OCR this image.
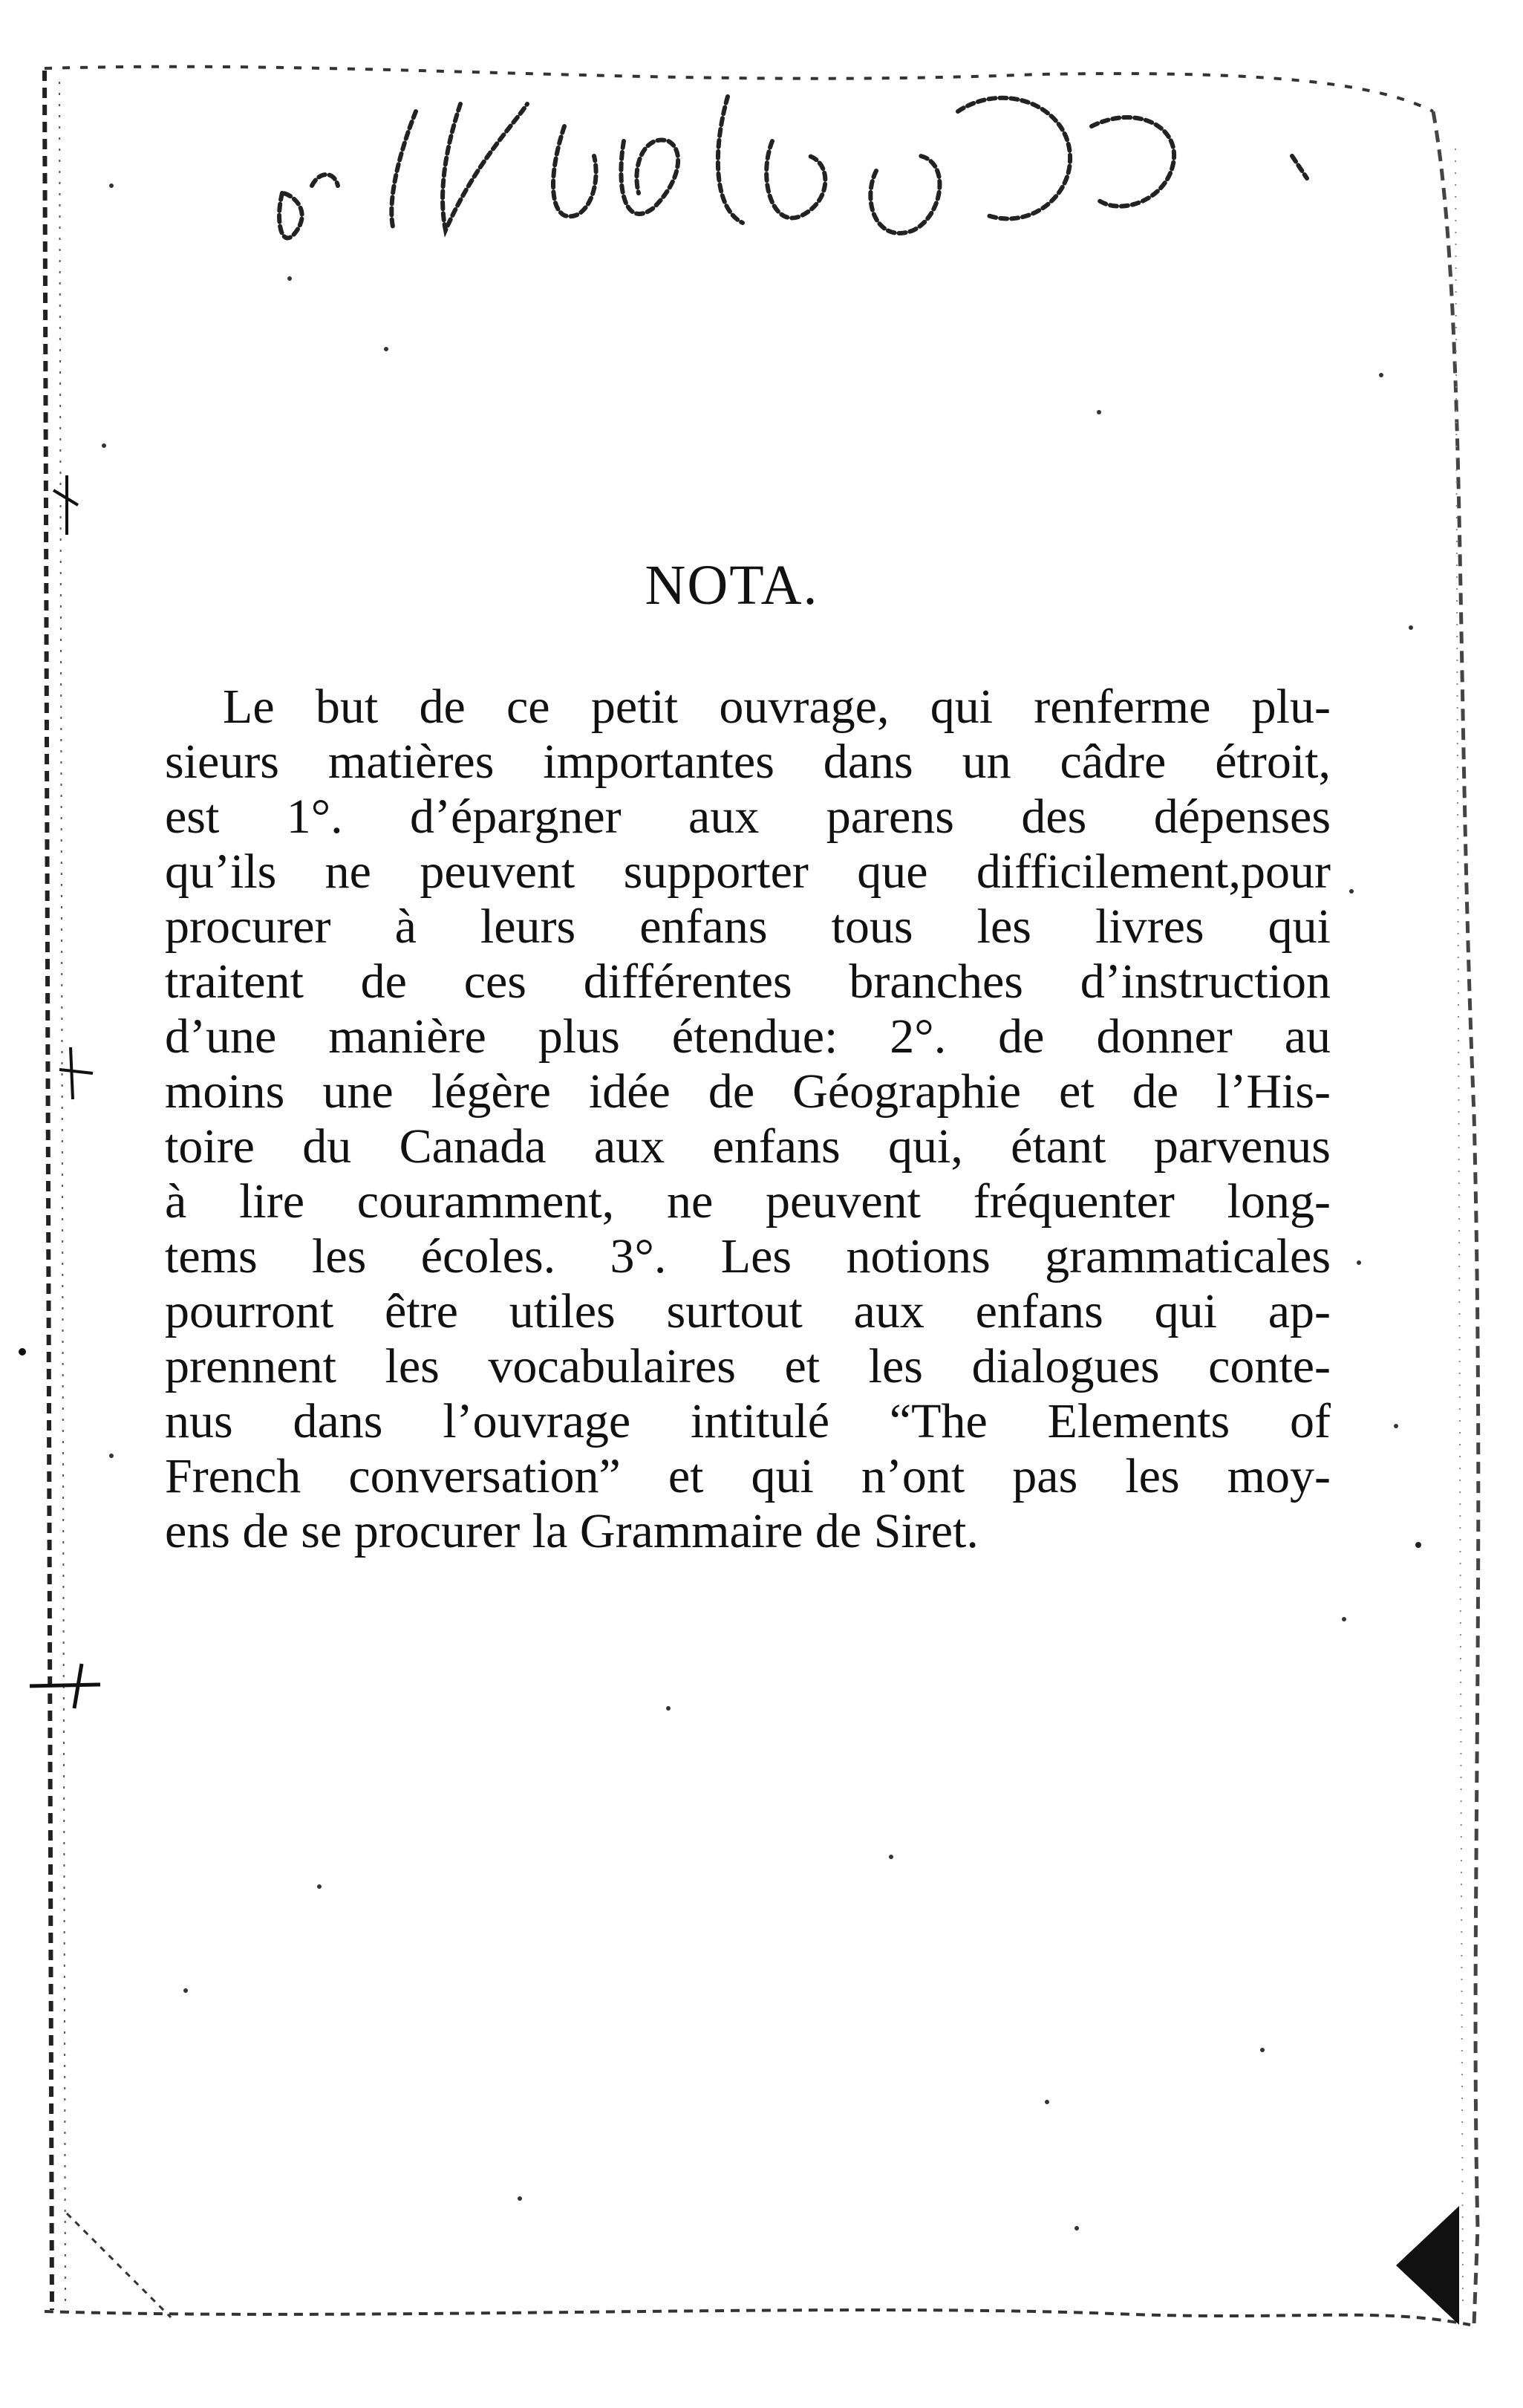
NOTA.
Le but de ce petit ouvrage, qui renferme plu-
sieurs matières importantes dans un câdre étroit,
est 1°. d’épargner aux parens des dépenses
qu’ils ne peuvent supporter que difficilement,pour
procurer à leurs enfans tous les livres qui
traitent de ces différentes branches d’instruction
d’une manière plus étendue: 2°. de donner au
moins une légère idée de Géographie et de l’His-
toire du Canada aux enfans qui, étant parvenus
à lire couramment, ne peuvent fréquenter long-
tems les écoles. 3°. Les notions grammaticales
pourront être utiles surtout aux enfans qui ap-
prennent les vocabulaires et les dialogues conte-
nus dans l’ouvrage intitulé “The Elements of
French conversation” et qui n’ont pas les moy-
ens de se procurer la Grammaire de Siret.
